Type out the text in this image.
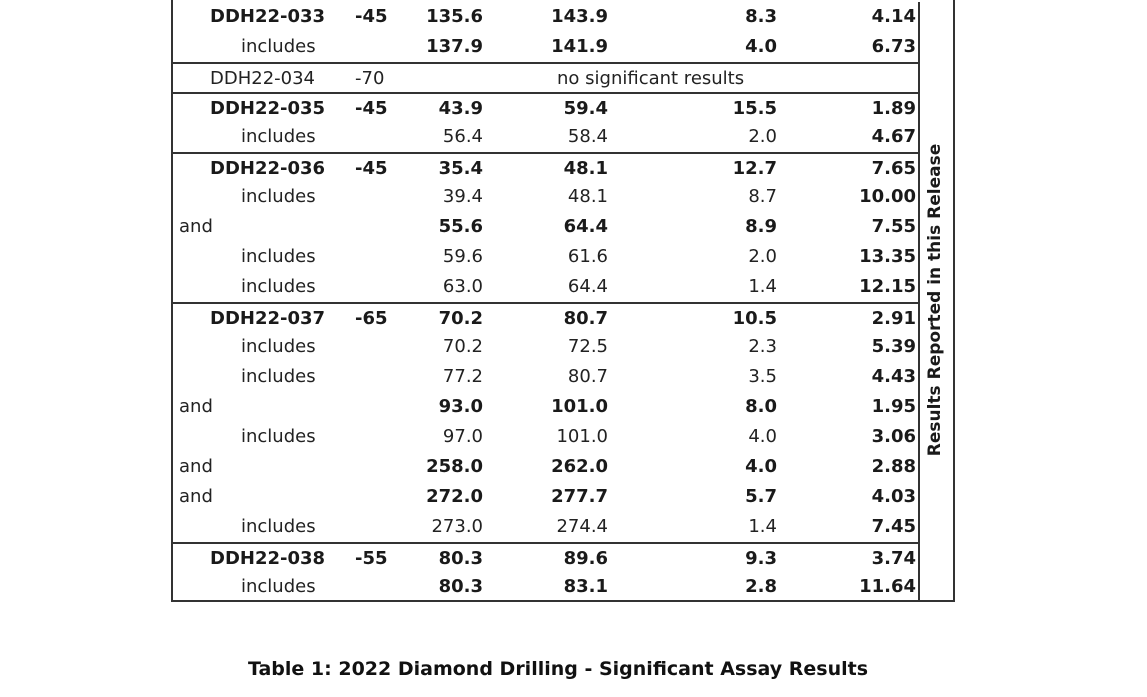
DDH22-033 -45 135.6	143.9	8.3	4.14
includes	137.9	141.9	4.0	6.73
DDH22-034 -70	no significant results
DDH22-035 -45	43.9	59.4	15.5	1.89
includes	56.4	58.4	2.0	4.67
DDH22-036 -45	35.4	48.1	12.7	7.65
includes	39.4	48.1	8.7	10.00
and	55.6	64.4	8.9	7.55
includes	59.6	61.6	2.0	13.35
includes	63.0	64.4	1.4	12.15
DDH22-037 -65	70.2	80.7	10.5	2.91
includes	70.2	72.5	2.3	5.39
includes	77.2	80.7	3.5	4.43
and	93.0	101.0	8.0	1.95
includes	97.0	101.0	4.0	3.06
and	258.0	262.0	4.0	2.88
and	272.0	277.7	5.7	4.03
includes	273.0	274.4	1.4	7.45
DDH22-038 -55	80.3	89.6	9.3	3.74
includes	80.3	83.1	2.8	11.64
Results Reported in this Release
Table 1: 2022 Diamond Drilling - Significant Assay Results
